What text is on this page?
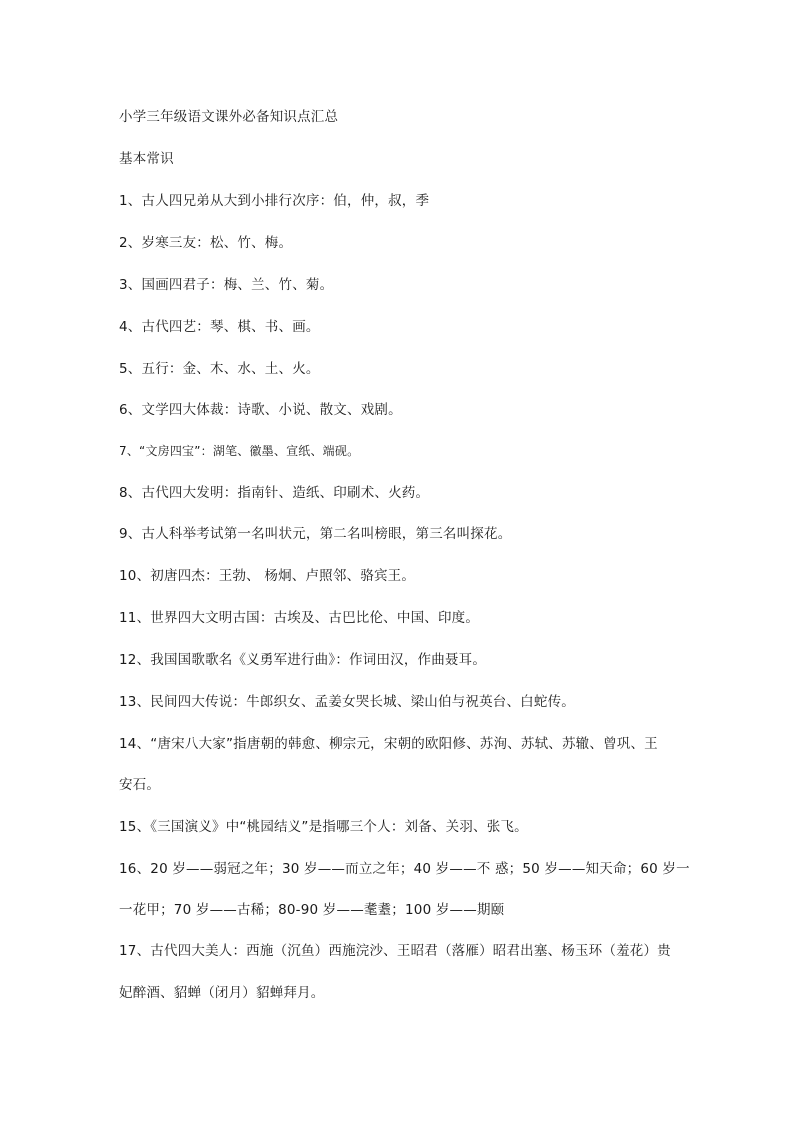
小学三年级语文课外必备知识点汇总
基本常识
1、古人四兄弟从大到小排行次序：伯，仲，叔，季
2、岁寒三友：松、竹、梅。
3、国画四君子：梅、兰、竹、菊。
4、古代四艺：琴、棋、书、画。
5、五行：金、木、水、土、火。
6、文学四大体裁：诗歌、小说、散文、戏剧。
7、“文房四宝”：湖笔、徽墨、宣纸、端砚。
8、古代四大发明：指南针、造纸、印刷术、火药。
9、古人科举考试第一名叫状元，第二名叫榜眼，第三名叫探花。
10、初唐四杰：王勃、 杨炯、卢照邻、骆宾王。
11、世界四大文明古国：古埃及、古巴比伦、中国、印度。
12、我国国歌歌名《义勇军进行曲》：作词田汉，作曲聂耳。
13、民间四大传说：牛郎织女、孟姜女哭长城、梁山伯与祝英台、白蛇传。
14、“唐宋八大家”指唐朝的韩愈、柳宗元，宋朝的欧阳修、苏洵、苏轼、苏辙、曾巩、王
安石。
15、《三国演义》中“桃园结义”是指哪三个人：刘备、关羽、张飞。
16、20 岁——弱冠之年；30 岁——而立之年；40 岁——不 惑；50 岁——知天命；60 岁一
一花甲；70 岁——古稀；80-90 岁——耄耋；100 岁——期颐
17、古代四大美人：西施（沉鱼）西施浣沙、王昭君（落雁）昭君出塞、杨玉环（羞花）贵
妃醉酒、貂蝉（闭月）貂蝉拜月。
